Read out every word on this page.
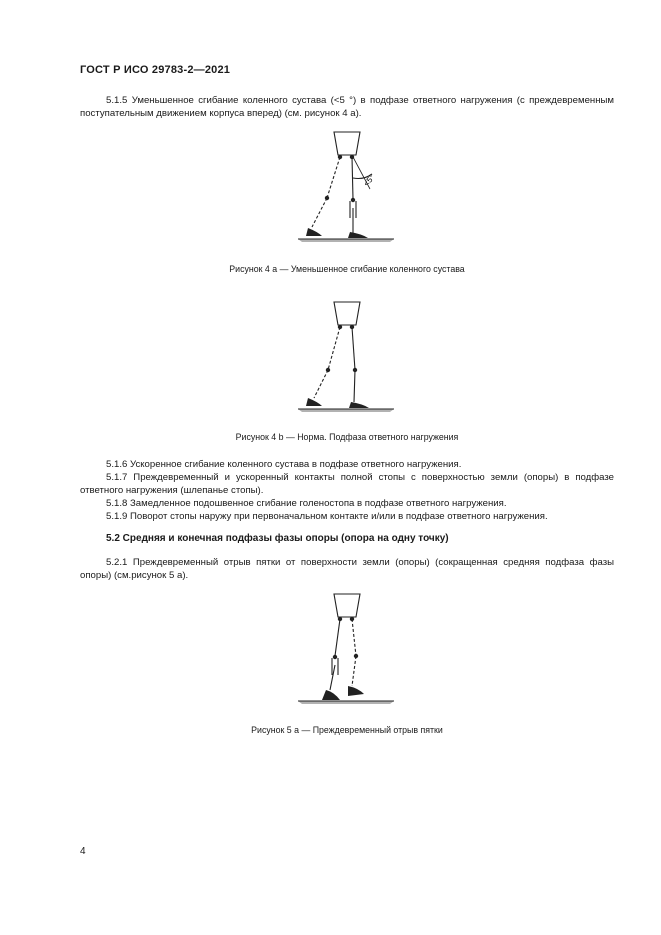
ГОСТ Р ИСО 29783-2—2021
5.1.5 Уменьшенное сгибание коленного сустава (<5 °) в подфазе ответного нагружения (с преждевременным поступательным движением корпуса вперед) (см. рисунок 4 а).
<5°
Рисунок 4 а — Уменьшенное сгибание коленного сустава
Рисунок 4 b — Норма. Подфаза ответного нагружения
5.1.6 Ускоренное сгибание коленного сустава в подфазе ответного нагружения.
5.1.7 Преждевременный и ускоренный контакты полной стопы с поверхностью земли (опоры) в подфазе ответного нагружения (шлепанье стопы).
5.1.8 Замедленное подошвенное сгибание голеностопа в подфазе ответного нагружения.
5.1.9 Поворот стопы наружу при первоначальном контакте и/или в подфазе ответного нагружения.
5.2 Средняя и конечная подфазы фазы опоры (опора на одну точку)
5.2.1 Преждевременный отрыв пятки от поверхности земли (опоры) (сокращенная средняя подфаза фазы опоры) (см.рисунок 5 а).
Рисунок 5 а — Преждевременный отрыв пятки
4
